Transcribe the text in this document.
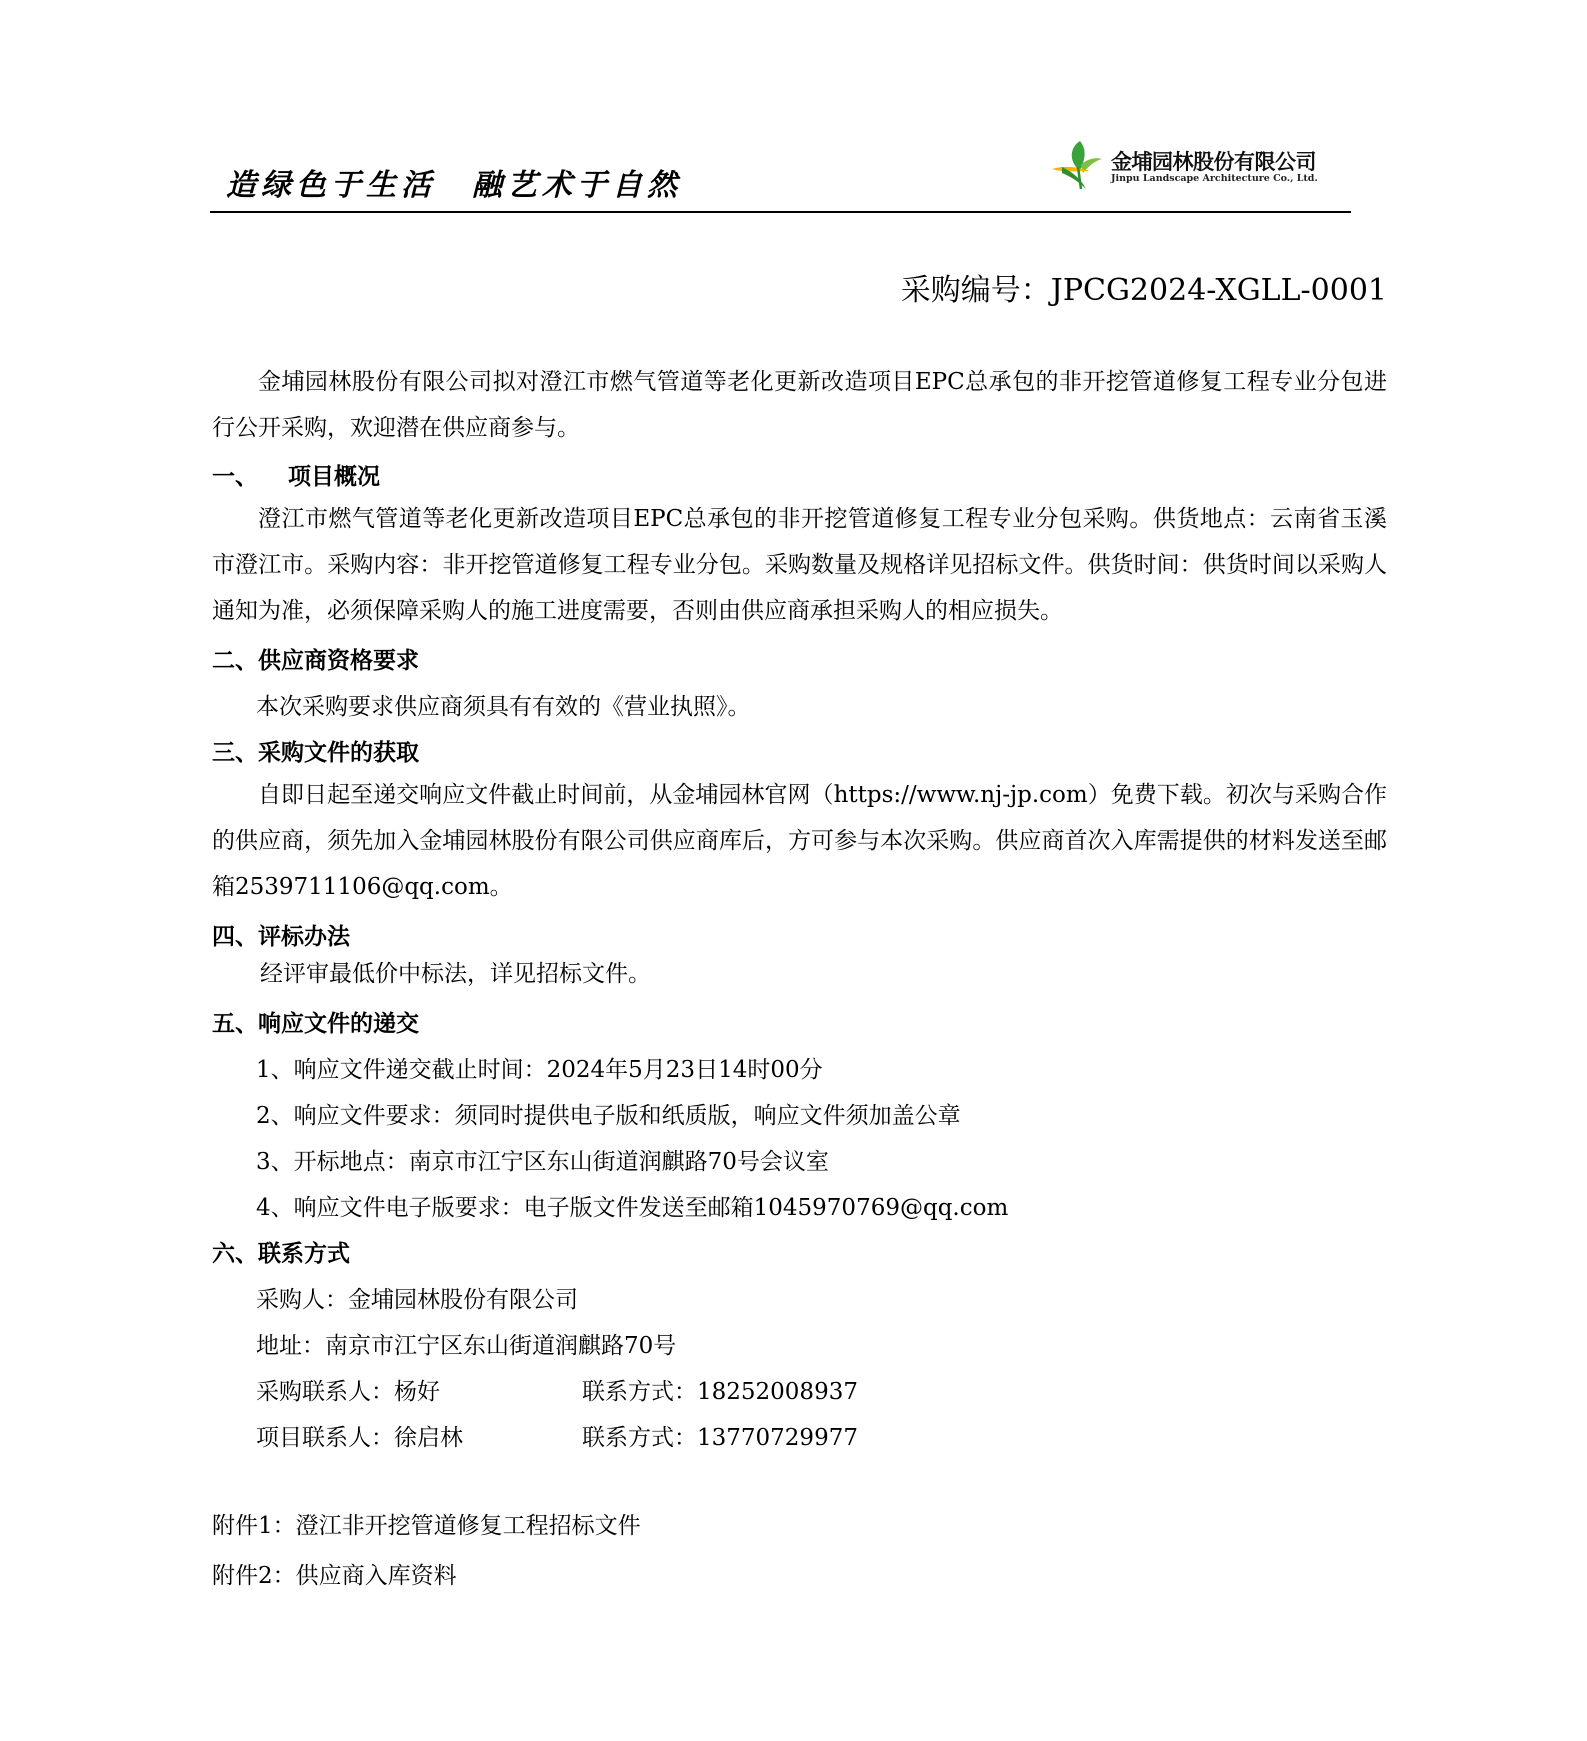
造绿色于生活 融艺术于自然
金埔园林股份有限公司
Jinpu Landscape Architecture Co., Ltd.
采购编号：JPCG2024-XGLL-0001
金埔园林股份有限公司拟对澄江市燃气管道等老化更新改造项目EPC总承包的非开挖管道修复工程专业分包进行公开采购，欢迎潜在供应商参与。
一、 项目概况
澄江市燃气管道等老化更新改造项目EPC总承包的非开挖管道修复工程专业分包采购。供货地点：云南省玉溪市澄江市。采购内容：非开挖管道修复工程专业分包。采购数量及规格详见招标文件。供货时间：供货时间以采购人通知为准，必须保障采购人的施工进度需要，否则由供应商承担采购人的相应损失。
二、供应商资格要求
本次采购要求供应商须具有有效的《营业执照》。
三、采购文件的获取
自即日起至递交响应文件截止时间前，从金埔园林官网（https://www.nj-jp.com）免费下载。初次与采购合作的供应商，须先加入金埔园林股份有限公司供应商库后，方可参与本次采购。供应商首次入库需提供的材料发送至邮箱2539711106@qq.com。
四、评标办法
经评审最低价中标法，详见招标文件。
五、响应文件的递交
1、响应文件递交截止时间：2024年5月23日14时00分
2、响应文件要求：须同时提供电子版和纸质版，响应文件须加盖公章
3、开标地点：南京市江宁区东山街道润麒路70号会议室
4、响应文件电子版要求：电子版文件发送至邮箱1045970769@qq.com
六、联系方式
采购人：金埔园林股份有限公司
地址：南京市江宁区东山街道润麒路70号
采购联系人：杨好	联系方式：18252008937
项目联系人：徐启林	联系方式：13770729977
附件1：澄江非开挖管道修复工程招标文件
附件2：供应商入库资料
